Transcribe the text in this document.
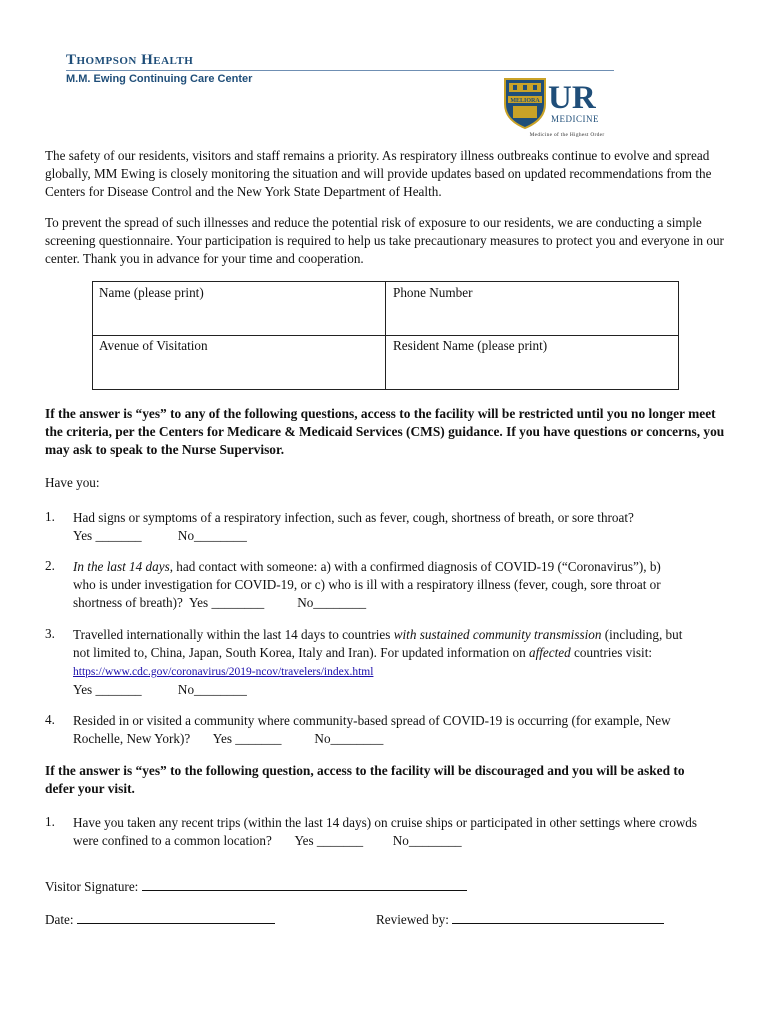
Thompson Health
M.M. Ewing Continuing Care Center
MELIORA UR
MEDICINE
Medicine of the Highest Order
The safety of our residents, visitors and staff remains a priority. As respiratory illness outbreaks continue to evolve and spread globally, MM Ewing is closely monitoring the situation and will provide updates based on updated recommendations from the Centers for Disease Control and the New York State Department of Health.
To prevent the spread of such illnesses and reduce the potential risk of exposure to our residents, we are conducting a simple screening questionnaire. Your participation is required to help us take precautionary measures to protect you and everyone in our center. Thank you in advance for your time and cooperation.
Name (please print)	Phone Number
Avenue of Visitation	Resident Name (please print)
If the answer is “yes” to any of the following questions, access to the facility will be restricted until you no longer meet the criteria, per the Centers for Medicare & Medicaid Services (CMS) guidance. If you have questions or concerns, you may ask to speak to the Nurse Supervisor.
Have you:
1. Had signs or symptoms of a respiratory infection, such as fever, cough, shortness of breath, or sore throat?         Yes _______	No________
2. In the last 14 days, had contact with someone: a) with a confirmed diagnosis of COVID-19 (“Coronavirus”), b) who is under investigation for COVID-19, or c) who is ill with a respiratory illness (fever, cough, sore throat or shortness of breath)? Yes ________ No________
3. Travelled internationally within the last 14 days to countries with sustained community transmission (including, but not limited to, China, Japan, South Korea, Italy and Iran). For updated information on affected countries visit: https://www.cdc.gov/coronavirus/2019-ncov/travelers/index.html
Yes _______	No________
4. Resided in or visited a community where community-based spread of COVID-19 is occurring (for example, New Rochelle, New York)? Yes _______ No________
If the answer is “yes” to the following question, access to the facility will be discouraged and you will be asked to defer your visit.
1. Have you taken any recent trips (within the last 14 days) on cruise ships or participated in other settings where crowds were confined to a common location? Yes _______ No________
Visitor Signature:
Date:	Reviewed by:
